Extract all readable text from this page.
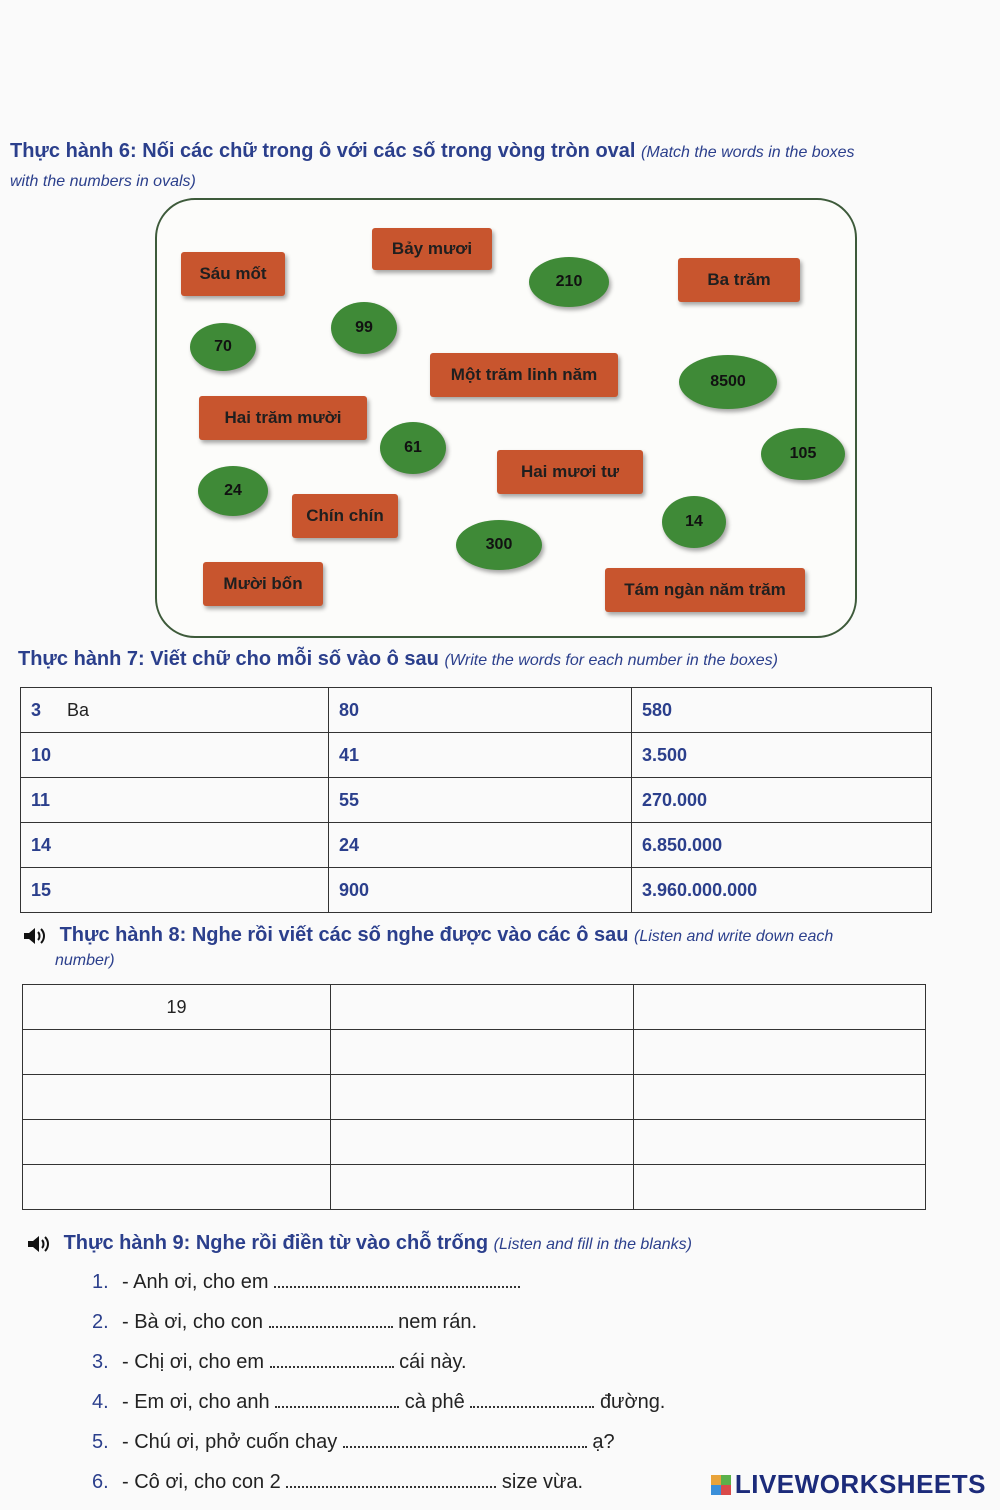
Thực hành 6: Nối các chữ trong ô với các số trong vòng tròn oval (Match the words in the boxes
with the numbers in ovals)
Bảy mươi
Sáu mốt	Ba trăm
Một trăm linh năm
Hai trăm mười
Hai mươi tư
Chín chín
Mười bốn	Tám ngàn năm trăm
210
70
99
8500
61	105
24
14
300
Thực hành 7: Viết chữ cho mỗi số vào ô sau (Write the words for each number in the boxes)
3 Ba	80	580
10	41	3.500
11	55	270.000
14	24	6.850.000
15	900	3.960.000.000
Thực hành 8: Nghe rồi viết các số nghe được vào các ô sau (Listen and write down each
number)
19		

Thực hành 9: Nghe rồi điền từ vào chỗ trống (Listen and fill in the blanks)
1. - Anh ơi, cho em
2. - Bà ơi, cho con	nem rán.
3. - Chị ơi, cho em	cái này.
4. - Em ơi, cho anh	cà phê	đường.
5. - Chú ơi, phở cuốn chay	ạ?
6. - Cô ơi, cho con 2	size vừa.	LIVEWORKSHEETS
